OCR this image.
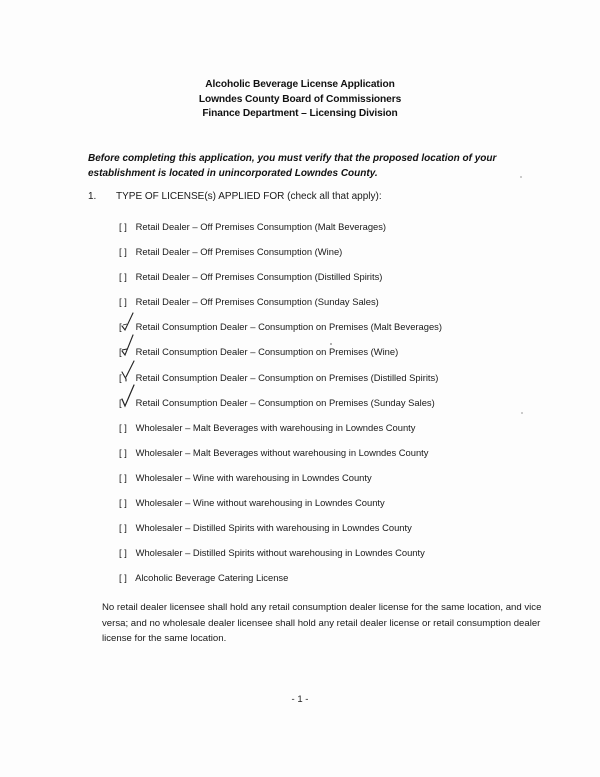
Alcoholic Beverage License Application
Lowndes County Board of Commissioners
Finance Department – Licensing Division
Before completing this application, you must verify that the proposed location of your establishment is located in unincorporated Lowndes County.
1. TYPE OF LICENSE(s) APPLIED FOR (check all that apply):
[ ] Retail Dealer – Off Premises Consumption (Malt Beverages)
[ ] Retail Dealer – Off Premises Consumption (Wine)
[ ] Retail Dealer – Off Premises Consumption (Distilled Spirits)
[ ] Retail Dealer – Off Premises Consumption (Sunday Sales)
[ Retail Consumption Dealer – Consumption on Premises (Malt Beverages)
[ Retail Consumption Dealer – Consumption on Premises (Wine)
[ Retail Consumption Dealer – Consumption on Premises (Distilled Spirits)
[ Retail Consumption Dealer – Consumption on Premises (Sunday Sales)
[ ] Wholesaler – Malt Beverages with warehousing in Lowndes County
[ ] Wholesaler – Malt Beverages without warehousing in Lowndes County
[ ] Wholesaler – Wine with warehousing in Lowndes County
[ ] Wholesaler – Wine without warehousing in Lowndes County
[ ] Wholesaler – Distilled Spirits with warehousing in Lowndes County
[ ] Wholesaler – Distilled Spirits without warehousing in Lowndes County
[ ] Alcoholic Beverage Catering License
No retail dealer licensee shall hold any retail consumption dealer license for the same location, and vice versa; and no wholesale dealer licensee shall hold any retail dealer license or retail consumption dealer license for the same location.
- 1 -
